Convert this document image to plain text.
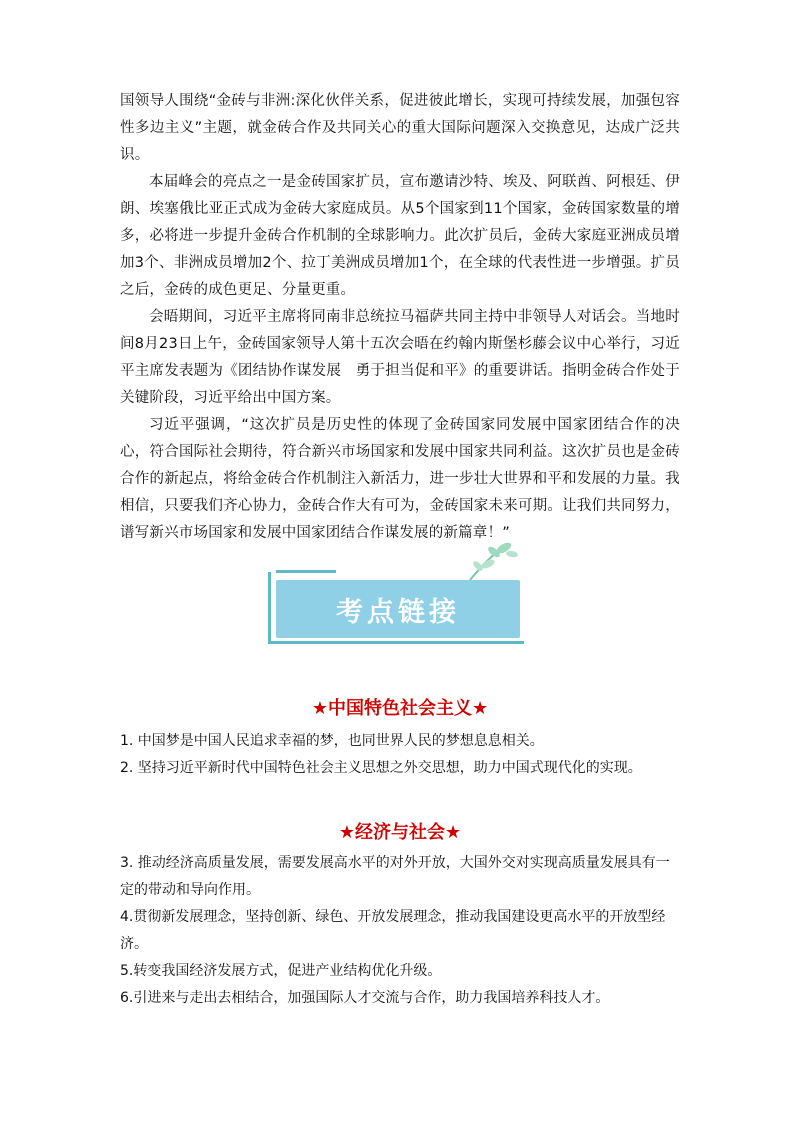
国领导人围绕“金砖与非洲:深化伙伴关系，促进彼此增长，实现可持续发展，加强包容性多边主义”主题，就金砖合作及共同关心的重大国际问题深入交换意见，达成广泛共识。

本届峰会的亮点之一是金砖国家扩员，宣布邀请沙特、埃及、阿联酋、阿根廷、伊朗、埃塞俄比亚正式成为金砖大家庭成员。从5个国家到11个国家，金砖国家数量的增多，必将进一步提升金砖合作机制的全球影响力。此次扩员后，金砖大家庭亚洲成员增加3个、非洲成员增加2个、拉丁美洲成员增加1个，在全球的代表性进一步增强。扩员之后，金砖的成色更足、分量更重。

会晤期间，习近平主席将同南非总统拉马福萨共同主持中非领导人对话会。当地时间8月23日上午，金砖国家领导人第十五次会晤在约翰内斯堡杉藤会议中心举行，习近平主席发表题为《团结协作谋发展　勇于担当促和平》的重要讲话。指明金砖合作处于关键阶段，习近平给出中国方案。

习近平强调，“这次扩员是历史性的体现了金砖国家同发展中国家团结合作的决心，符合国际社会期待，符合新兴市场国家和发展中国家共同利益。这次扩员也是金砖合作的新起点，将给金砖合作机制注入新活力，进一步壮大世界和平和发展的力量。我相信，只要我们齐心协力，金砖合作大有可为，金砖国家未来可期。让我们共同努力，谱写新兴市场国家和发展中国家团结合作谋发展的新篇章！”

考点链接
★中国特色社会主义★

1. 中国梦是中国人民追求幸福的梦，也同世界人民的梦想息息相关。

2. 坚持习近平新时代中国特色社会主义思想之外交思想，助力中国式现代化的实现。

★经济与社会★

3. 推动经济高质量发展，需要发展高水平的对外开放，大国外交对实现高质量发展具有一定的带动和导向作用。

4.贯彻新发展理念，坚持创新、绿色、开放发展理念，推动我国建设更高水平的开放型经济。

5.转变我国经济发展方式，促进产业结构优化升级。

6.引进来与走出去相结合，加强国际人才交流与合作，助力我国培养科技人才。
